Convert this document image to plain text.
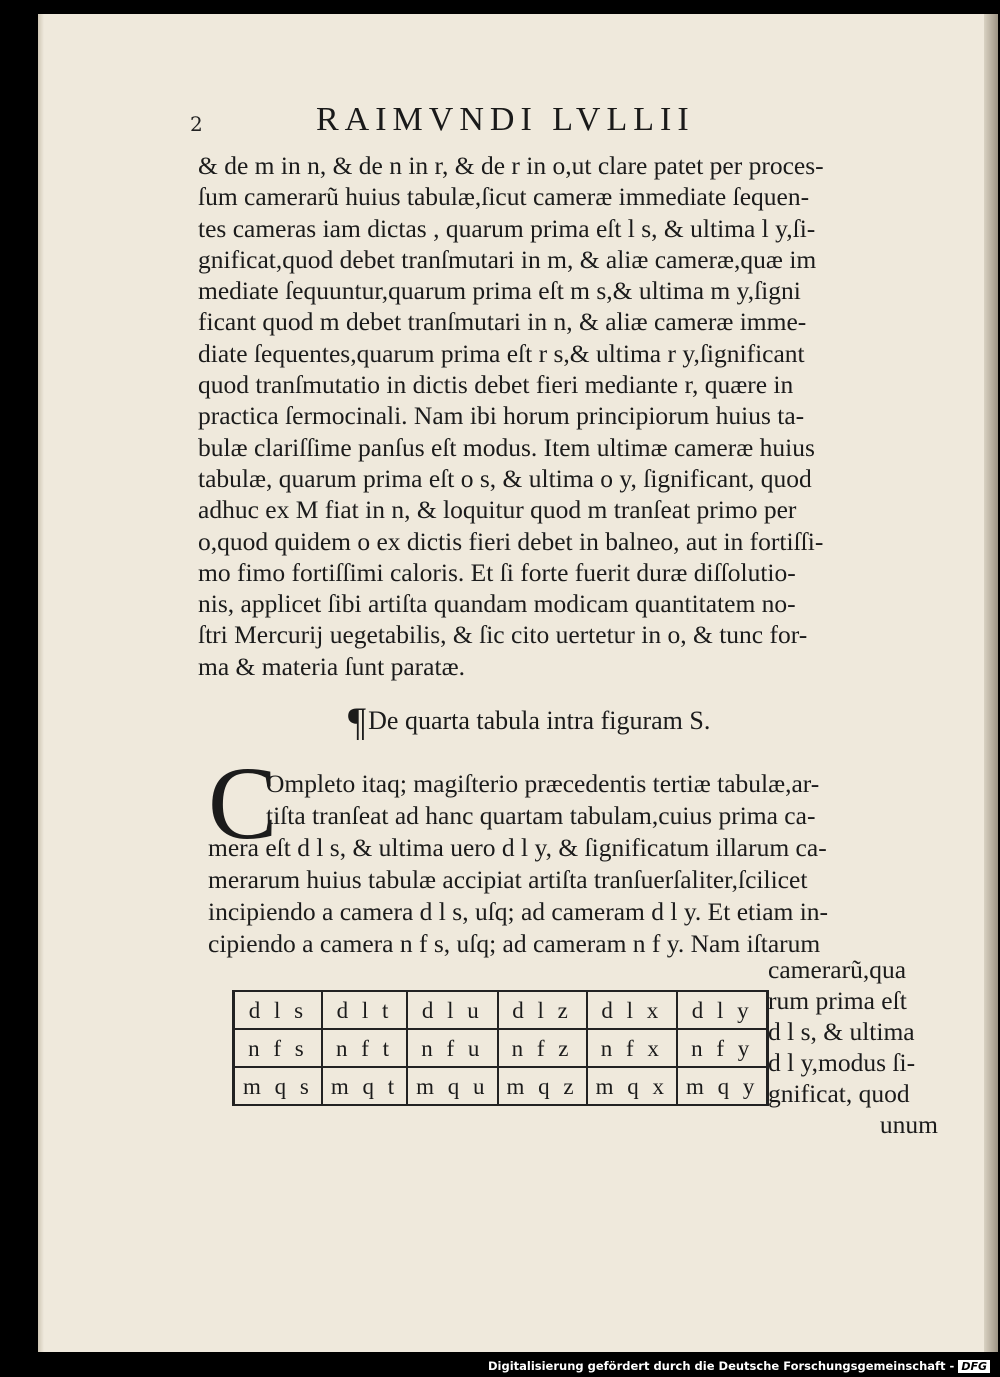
2	RAIMVNDI LVLLII
& de m in n, & de n in r, & de r in o,ut clare patet per proces-
ſum camerarũ huius tabulæ,ſicut cameræ immediate ſequen-
tes cameras iam dictas , quarum prima eſt l s, & ultima l y,ſi-
gnificat,quod debet tranſmutari in m, & aliæ cameræ,quæ im
mediate ſequuntur,quarum prima eſt m s,& ultima m y,ſigni
ficant quod m debet tranſmutari in n, & aliæ cameræ imme-
diate ſequentes,quarum prima eſt r s,& ultima r y,ſignificant
quod tranſmutatio in dictis debet fieri mediante r, quære in
practica ſermocinali. Nam ibi horum principiorum huius ta-
bulæ clariſſime panſus eſt modus. Item ultimæ cameræ huius
tabulæ, quarum prima eſt o s, & ultima o y, ſignificant, quod
adhuc ex M fiat in n, & loquitur quod m tranſeat primo per
o,quod quidem o ex dictis fieri debet in balneo, aut in fortiſſi-
mo fimo fortiſſimi caloris. Et ſi forte fuerit duræ diſſolutio-
nis, applicet ſibi artiſta quandam modicam quantitatem no-
ſtri Mercurij uegetabilis, & ſic cito uertetur in o, & tunc for-
ma & materia ſunt paratæ.
¶De quarta tabula intra figuram S.
C
Ompleto itaq; magiſterio præcedentis tertiæ tabulæ,ar-
tiſta tranſeat ad hanc quartam tabulam,cuius prima ca-
mera eſt d l s, & ultima uero d l y, & ſignificatum illarum ca-
merarum huius tabulæ accipiat artiſta tranſuerſaliter,ſcilicet
incipiendo a camera d l s, uſq; ad cameram d l y. Et etiam in-
cipiendo a camera n f s, uſq; ad cameram n f y. Nam iſtarum
camerarũ,qua
rum prima eſt
d l s, & ultima
d l y,modus ſi-
gnificat, quod
unum
d l s	d l t	d l u	d l z	d l x	d l y
n f s	n f t	n f u	n f z	n f x	n f y
m q s	m q t	m q u	m q z	m q x	m q y
Digitalisierung gefördert durch die Deutsche Forschungsgemeinschaft - DFG
